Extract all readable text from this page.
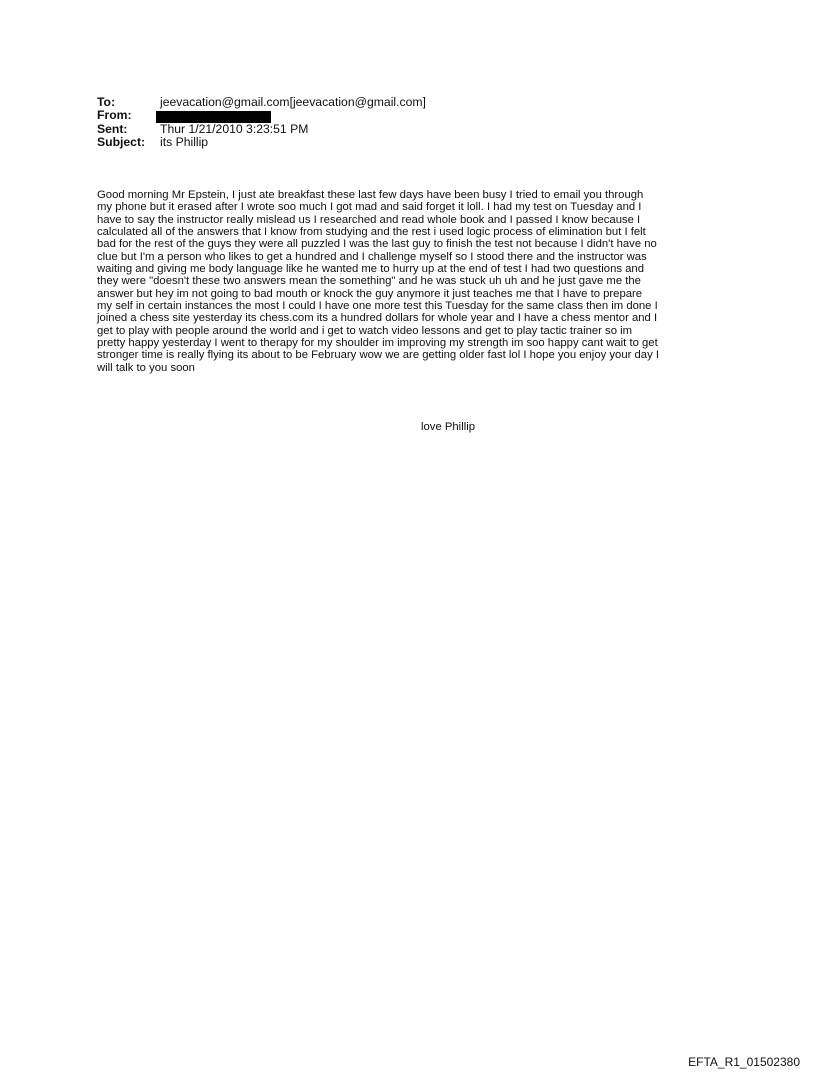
To:	jeevacation@gmail.com[jeevacation@gmail.com]
From:
Sent:	Thur 1/21/2010 3:23:51 PM
Subject:	its Phillip
Good morning Mr Epstein, I just ate breakfast these last few days have been busy I tried to email you through
my phone but it erased after I wrote soo much I got mad and said forget it loll. I had my test on Tuesday and I
have to say the instructor really mislead us I researched and read whole book and I passed I know because I
calculated all of the answers that I know from studying and the rest i used logic process of elimination but I felt
bad for the rest of the guys they were all puzzled I was the last guy to finish the test not because I didn't have no
clue but I'm a person who likes to get a hundred and I challenge myself so I stood there and the instructor was
waiting and giving me body language like he wanted me to hurry up at the end of test I had two questions and
they were "doesn't these two answers mean the something" and he was stuck uh uh and he just gave me the
answer but hey im not going to bad mouth or knock the guy anymore it just teaches me that I have to prepare
my self in certain instances the most I could I have one more test this Tuesday for the same class then im done I
joined a chess site yesterday its chess.com its a hundred dollars for whole year and I have a chess mentor and I
get to play with people around the world and i get to watch video lessons and get to play tactic trainer so im
pretty happy yesterday I went to therapy for my shoulder im improving my strength im soo happy cant wait to get
stronger time is really flying its about to be February wow we are getting older fast lol I hope you enjoy your day I
will talk to you soon
love Phillip
EFTA_R1_01502380
